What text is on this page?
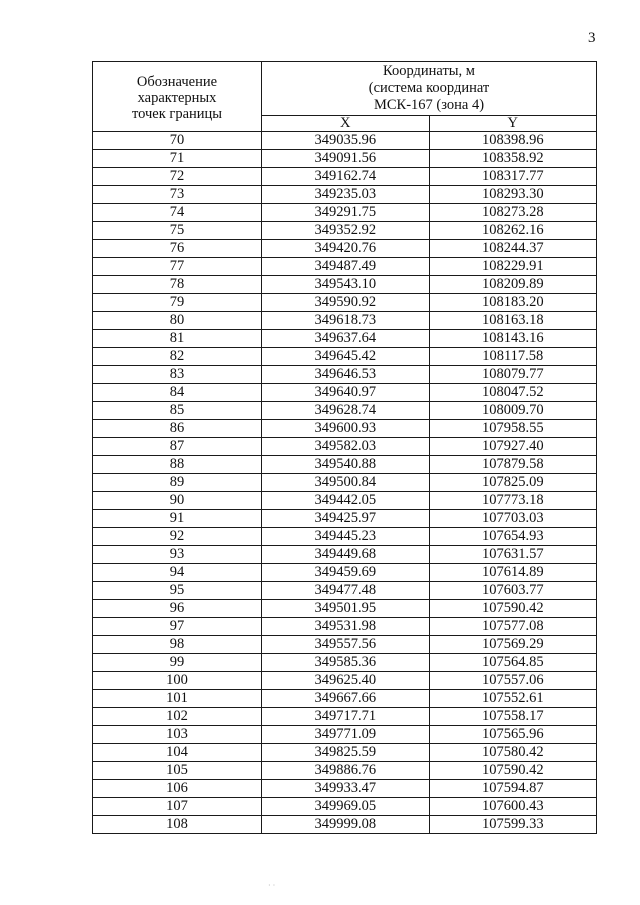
3
Обозначение
характерных
точек границы	Координаты, м
(система координат
МСК-167 (зона 4)	

	X	Y
70	349035.96	108398.96
71	349091.56	108358.92
72	349162.74	108317.77
73	349235.03	108293.30
74	349291.75	108273.28
75	349352.92	108262.16
76	349420.76	108244.37
77	349487.49	108229.91
78	349543.10	108209.89
79	349590.92	108183.20
80	349618.73	108163.18
81	349637.64	108143.16
82	349645.42	108117.58
83	349646.53	108079.77
84	349640.97	108047.52
85	349628.74	108009.70
86	349600.93	107958.55
87	349582.03	107927.40
88	349540.88	107879.58
89	349500.84	107825.09
90	349442.05	107773.18
91	349425.97	107703.03
92	349445.23	107654.93
93	349449.68	107631.57
94	349459.69	107614.89
95	349477.48	107603.77
96	349501.95	107590.42
97	349531.98	107577.08
98	349557.56	107569.29
99	349585.36	107564.85
100	349625.40	107557.06
101	349667.66	107552.61
102	349717.71	107558.17
103	349771.09	107565.96
104	349825.59	107580.42
105	349886.76	107590.42
106	349933.47	107594.87
107	349969.05	107600.43
108	349999.08	107599.33
· ·
